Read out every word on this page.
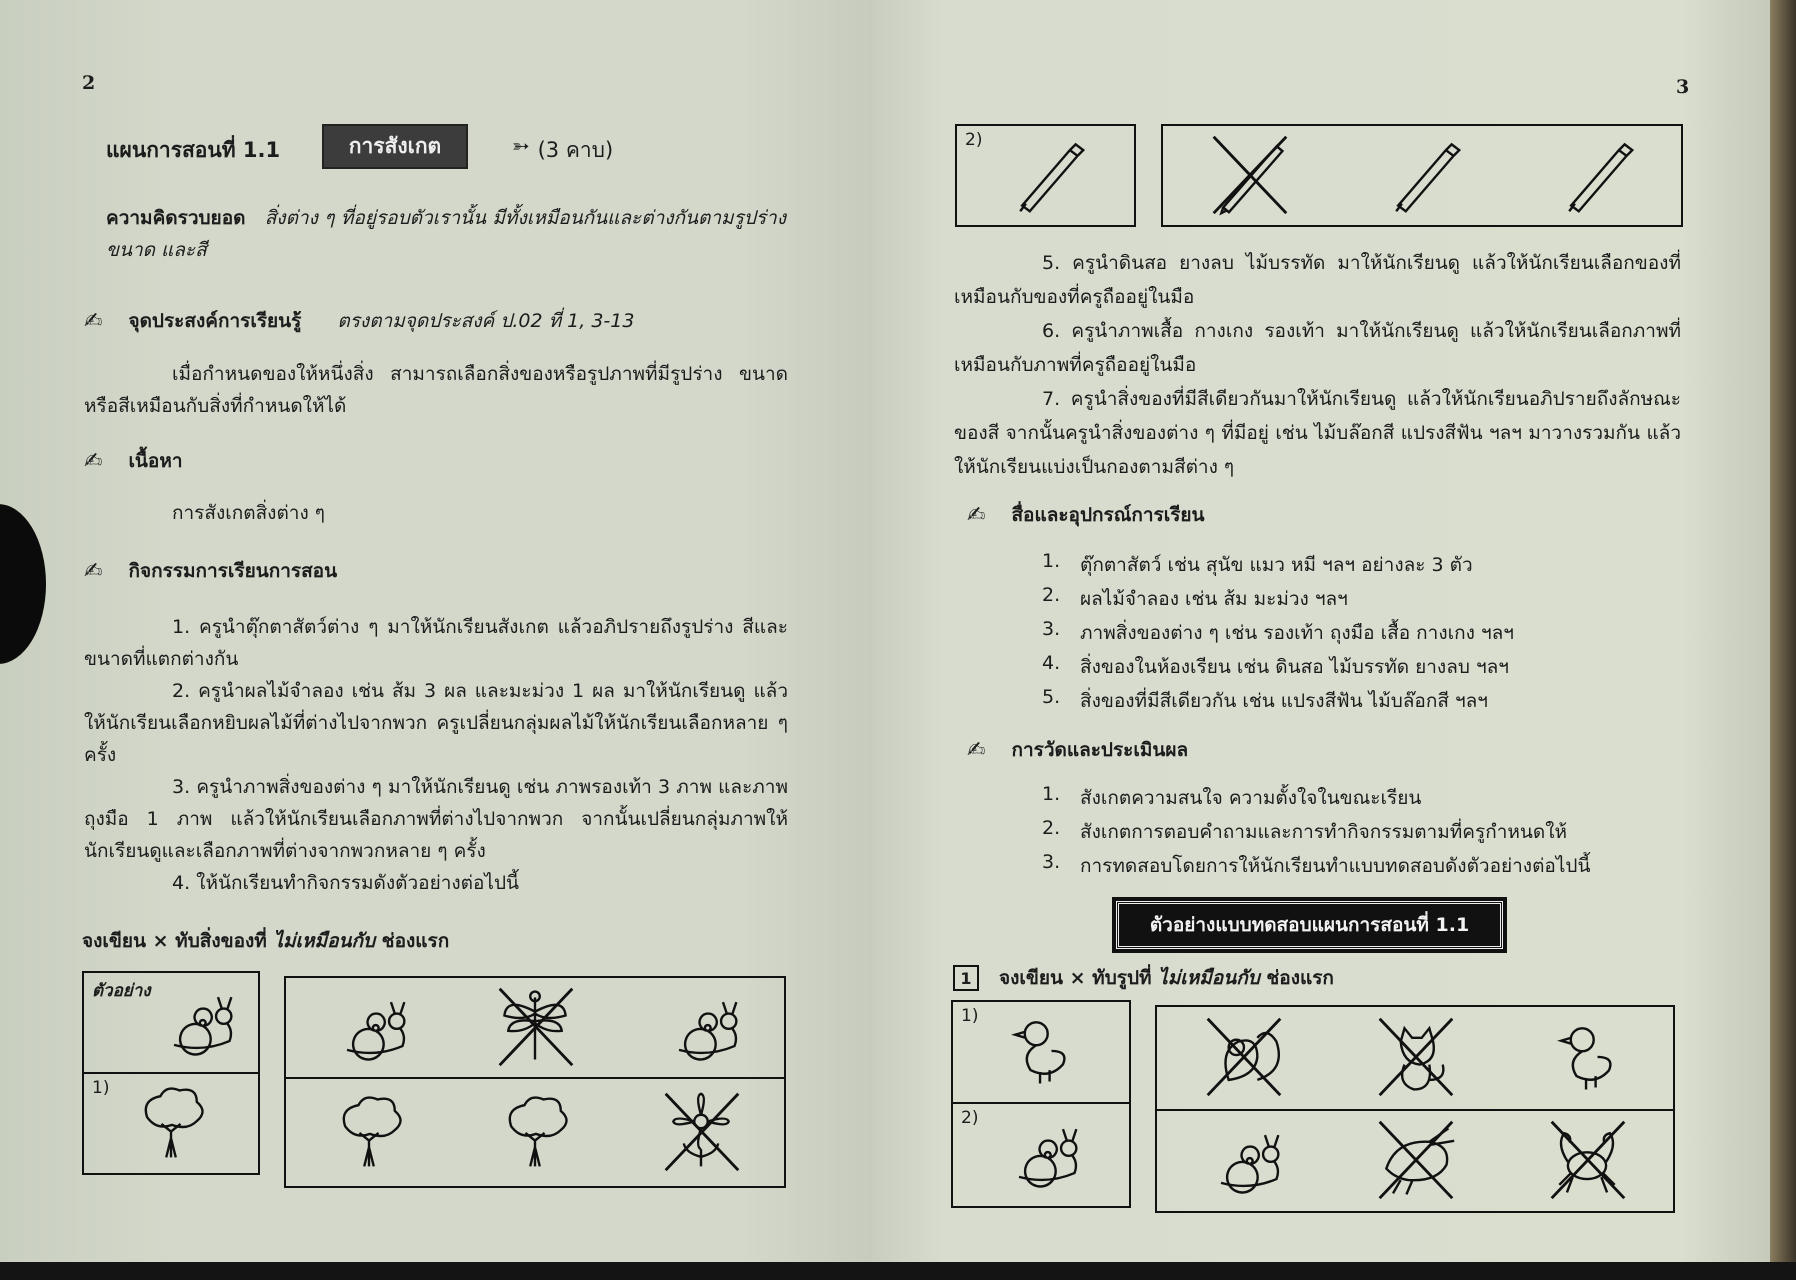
2
แผนการสอนที่ 1.1	การสังเกต	➳ (3 คาบ)
ความคิดรวบยอด สิ่งต่าง ๆ ที่อยู่รอบตัวเรานั้น มีทั้งเหมือนกันและต่างกันตามรูปร่าง ขนาด และสี
✍ จุดประสงค์การเรียนรู้ ตรงตามจุดประสงค์ ป.02 ที่ 1, 3-13
เมื่อกำหนดของให้หนึ่งสิ่ง สามารถเลือกสิ่งของหรือรูปภาพที่มีรูปร่าง ขนาดหรือสีเหมือนกับสิ่งที่กำหนดให้ได้
✍ เนื้อหา
การสังเกตสิ่งต่าง ๆ
✍ กิจกรรมการเรียนการสอน
1. ครูนำตุ๊กตาสัตว์ต่าง ๆ มาให้นักเรียนสังเกต แล้วอภิปรายถึงรูปร่าง สีและขนาดที่แตกต่างกัน
2. ครูนำผลไม้จำลอง เช่น ส้ม 3 ผล และมะม่วง 1 ผล มาให้นักเรียนดู แล้วให้นักเรียนเลือกหยิบผลไม้ที่ต่างไปจากพวก ครูเปลี่ยนกลุ่มผลไม้ให้นักเรียนเลือกหลาย ๆ ครั้ง
3. ครูนำภาพสิ่งของต่าง ๆ มาให้นักเรียนดู เช่น ภาพรองเท้า 3 ภาพ และภาพถุงมือ 1 ภาพ แล้วให้นักเรียนเลือกภาพที่ต่างไปจากพวก จากนั้นเปลี่ยนกลุ่มภาพให้นักเรียนดูและเลือกภาพที่ต่างจากพวกหลาย ๆ ครั้ง
4. ให้นักเรียนทำกิจกรรมดังตัวอย่างต่อไปนี้
จงเขียน × ทับสิ่งของที่ ไม่เหมือนกับ ช่องแรก
ตัวอย่าง
1)
3
2)
5. ครูนำดินสอ ยางลบ ไม้บรรทัด มาให้นักเรียนดู แล้วให้นักเรียนเลือกของที่เหมือนกับของที่ครูถืออยู่ในมือ
6. ครูนำภาพเสื้อ กางเกง รองเท้า มาให้นักเรียนดู แล้วให้นักเรียนเลือกภาพที่เหมือนกับภาพที่ครูถืออยู่ในมือ
7. ครูนำสิ่งของที่มีสีเดียวกันมาให้นักเรียนดู แล้วให้นักเรียนอภิปรายถึงลักษณะของสี จากนั้นครูนำสิ่งของต่าง ๆ ที่มีอยู่ เช่น ไม้บล๊อกสี แปรงสีฟัน ฯลฯ มาวางรวมกัน แล้วให้นักเรียนแบ่งเป็นกองตามสีต่าง ๆ
✍ สื่อและอุปกรณ์การเรียน
1.	ตุ๊กตาสัตว์ เช่น สุนัข แมว หมี ฯลฯ อย่างละ 3 ตัว
2.	ผลไม้จำลอง เช่น ส้ม มะม่วง ฯลฯ
3.	ภาพสิ่งของต่าง ๆ เช่น รองเท้า ถุงมือ เสื้อ กางเกง ฯลฯ
4.	สิ่งของในห้องเรียน เช่น ดินสอ ไม้บรรทัด ยางลบ ฯลฯ
5.	สิ่งของที่มีสีเดียวกัน เช่น แปรงสีฟัน ไม้บล๊อกสี ฯลฯ
✍ การวัดและประเมินผล
1.	สังเกตความสนใจ ความตั้งใจในขณะเรียน
2.	สังเกตการตอบคำถามและการทำกิจกรรมตามที่ครูกำหนดให้
3.	การทดสอบโดยการให้นักเรียนทำแบบทดสอบดังตัวอย่างต่อไปนี้
ตัวอย่างแบบทดสอบแผนการสอนที่ 1.1
1	จงเขียน × ทับรูปที่ ไม่เหมือนกับ ช่องแรก
1)
2)
